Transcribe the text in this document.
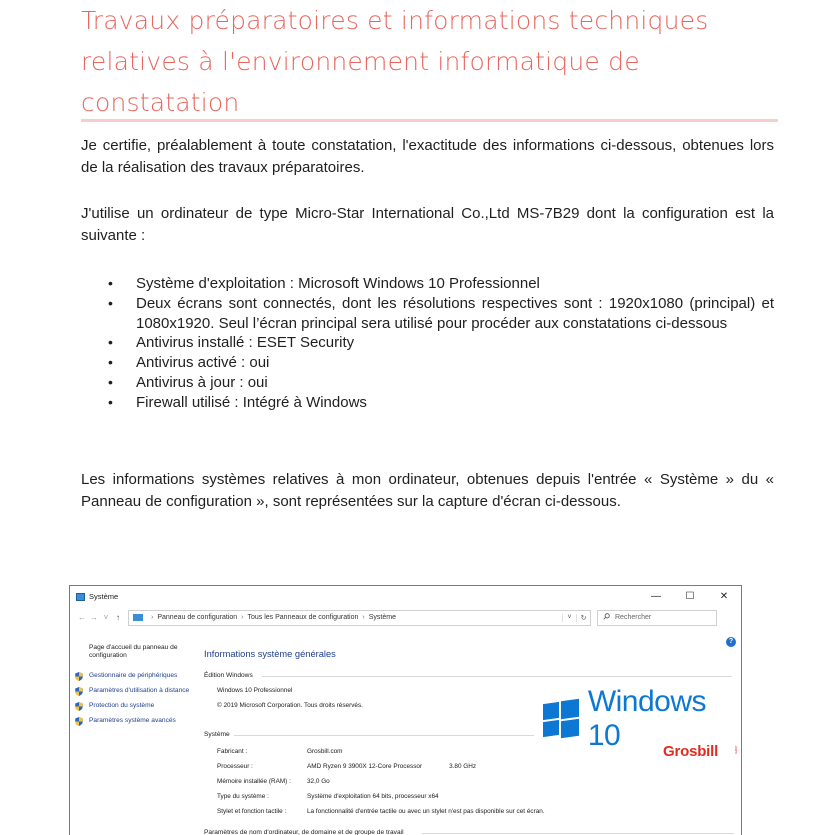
Travaux préparatoires et informations techniques
relatives à l'environnement informatique de
constatation

Je certifie, préalablement à toute constatation, l'exactitude des informations ci-dessous, obtenues lors de la réalisation des travaux préparatoires.

J'utilise un ordinateur de type Micro-Star International Co.,Ltd MS-7B29 dont la configuration est la suivante :

• Système d'exploitation : Microsoft Windows 10 Professionnel
• Deux écrans sont connectés, dont les résolutions respectives sont : 1920x1080 (principal) et 1080x1920. Seul l’écran principal sera utilisé pour procéder aux constatations ci-dessous
• Antivirus installé : ESET Security
• Antivirus activé : oui
• Antivirus à jour : oui
• Firewall utilisé : Intégré à Windows

Les informations systèmes relatives à mon ordinateur, obtenues depuis l'entrée « Système » du « Panneau de configuration », sont représentées sur la capture d'écran ci-dessous.

Système	—	☐	✕
← → ˅ ↑	› Panneau de configuration › Tous les Panneaux de configuration › Système	˅	↻	Rechercher
?
Page d'accueil du panneau de configuration
Gestionnaire de périphériques
Paramètres d'utilisation à distance
Protection du système
Paramètres système avancés
Informations système générales
Édition Windows
Windows 10 Professionnel
© 2019 Microsoft Corporation. Tous droits réservés.	Windows 10
Système
Grosbill	.com
Fabricant :	Grosbill.com
Processeur :	AMD Ryzen 9 3900X 12-Core Processor	3.80 GHz
Mémoire installée (RAM) :	32,0 Go
Type du système :	Système d'exploitation 64 bits, processeur x64
Stylet et fonction tactile :	La fonctionnalité d'entrée tactile ou avec un stylet n'est pas disponible sur cet écran.
Paramètres de nom d'ordinateur, de domaine et de groupe de travail
